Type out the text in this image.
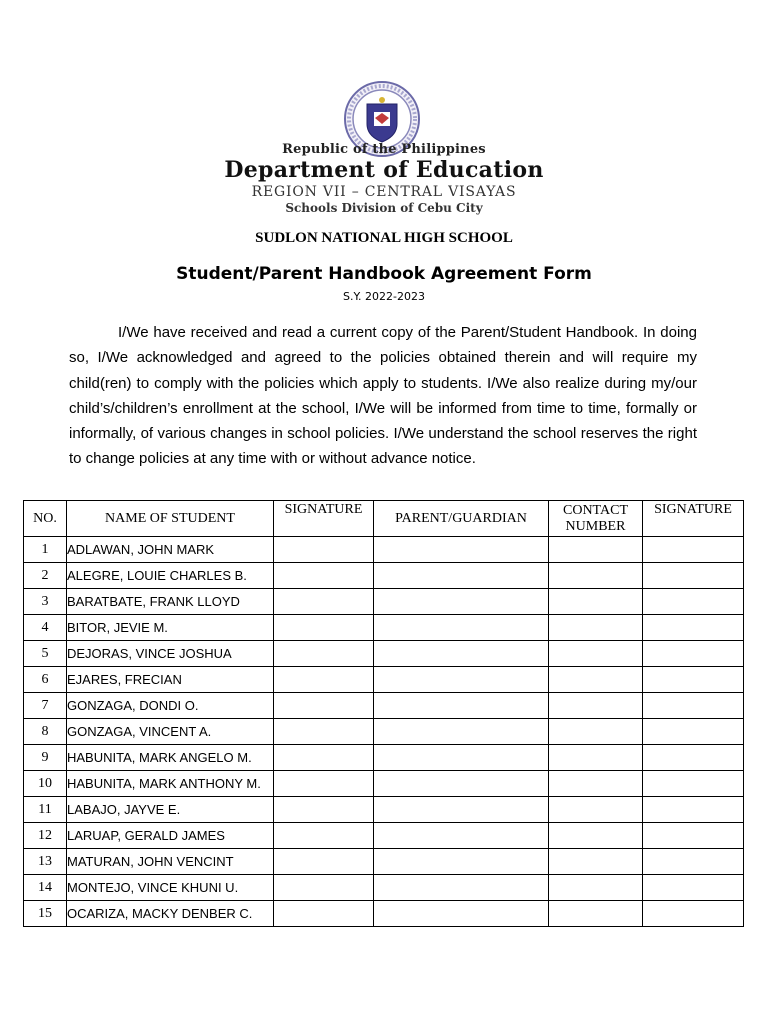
Republic of the Philippines
Department of Education
REGION VII – CENTRAL VISAYAS
Schools Division of Cebu City
SUDLON NATIONAL HIGH SCHOOL
Student/Parent Handbook Agreement Form
S.Y. 2022-2023

I/We have received and read a current copy of the Parent/Student Handbook. In doing so, I/We acknowledged and agreed to the policies obtained therein and will require my child(ren) to comply with the policies which apply to students. I/We also realize during my/our child’s/children’s enrollment at the school, I/We will be informed from time to time, formally or informally, of various changes in school policies. I/We understand the school reserves the right to change policies at any time with or without advance notice.

NO.	NAME OF STUDENT	SIGNATURE	PARENT/GUARDIAN	CONTACT NUMBER	SIGNATURE
1	ADLAWAN, JOHN MARK				
2	ALEGRE, LOUIE CHARLES B.				
3	BARATBATE, FRANK LLOYD				
4	BITOR, JEVIE M.				
5	DEJORAS, VINCE JOSHUA				
6	EJARES, FRECIAN				
7	GONZAGA, DONDI O.				
8	GONZAGA, VINCENT A.				
9	HABUNITA, MARK ANGELO M.				
10	HABUNITA, MARK ANTHONY M.				
11	LABAJO, JAYVE E.				
12	LARUAP, GERALD JAMES				
13	MATURAN, JOHN VENCINT				
14	MONTEJO, VINCE KHUNI U.				
15	OCARIZA, MACKY DENBER C.				
